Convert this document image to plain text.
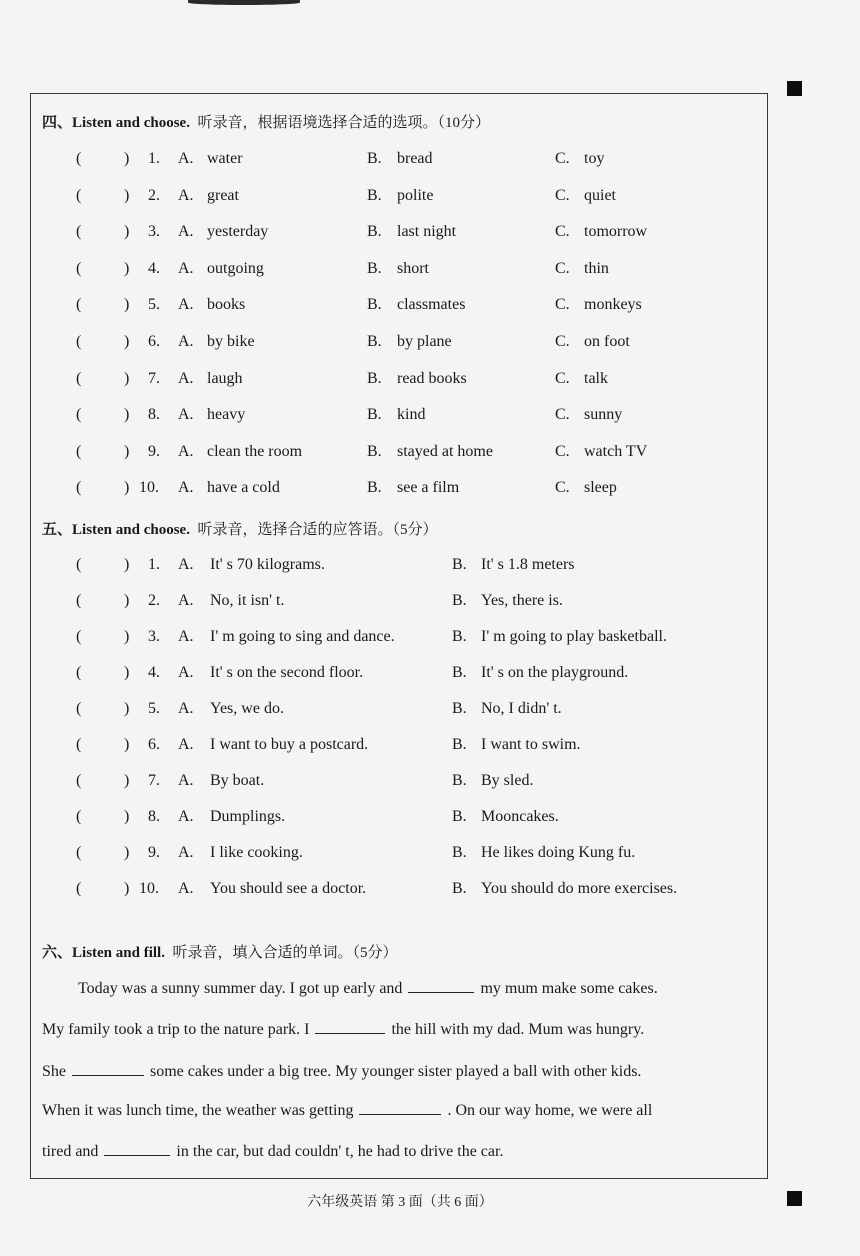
四、Listen and choose. 听录音，根据语境选择合适的选项。（10分）
(	) 1. A. water	B. bread	C. toy
(	) 2. A. great	B. polite	C. quiet
(	) 3. A. yesterday	B. last night	C. tomorrow
(	) 4. A. outgoing	B. short	C. thin
(	) 5. A. books	B. classmates	C. monkeys
(	) 6. A. by bike	B. by plane	C. on foot
(	) 7. A. laugh	B. read books	C. talk
(	) 8. A. heavy	B. kind	C. sunny
(	) 9. A. clean the room	B. stayed at home	C. watch TV
(	) 10. A. have a cold	B. see a film	C. sleep
五、Listen and choose. 听录音，选择合适的应答语。（5分）
(	) 1. A. It' s 70 kilograms.	B. It' s 1.8 meters
(	) 2. A. No, it isn' t.	B. Yes, there is.
(	) 3. A. I' m going to sing and dance.	B. I' m going to play basketball.
(	) 4. A. It' s on the second floor.	B. It' s on the playground.
(	) 5. A. Yes, we do.	B. No, I didn' t.
(	) 6. A. I want to buy a postcard.	B. I want to swim.
(	) 7. A. By boat.	B. By sled.
(	) 8. A. Dumplings.	B. Mooncakes.
(	) 9. A. I like cooking.	B. He likes doing Kung fu.
(	) 10. A. You should see a doctor.	B. You should do more exercises.
六、Listen and fill. 听录音，填入合适的单词。（5分）
Today was a sunny summer day. I got up early and	my mum make some cakes.
My family took a trip to the nature park. I	the hill with my dad. Mum was hungry.
She	some cakes under a big tree. My younger sister played a ball with other kids.
When it was lunch time, the weather was getting	. On our way home, we were all
tired and	in the car, but dad couldn' t, he had to drive the car.
六年级英语 第 3 面（共 6 面）
